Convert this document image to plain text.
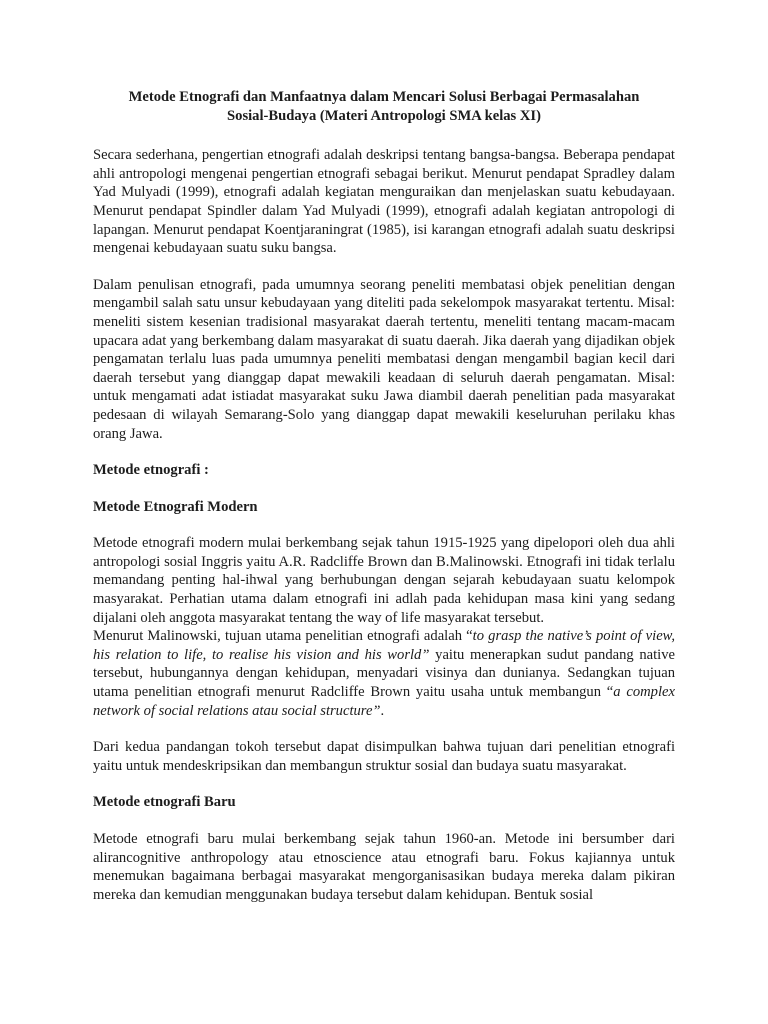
Metode Etnografi dan Manfaatnya dalam Mencari Solusi Berbagai Permasalahan
Sosial-Budaya (Materi Antropologi SMA kelas XI)

Secara sederhana, pengertian etnografi adalah deskripsi tentang bangsa-bangsa. Beberapa pendapat ahli antropologi mengenai pengertian etnografi sebagai berikut. Menurut pendapat Spradley dalam Yad Mulyadi (1999), etnografi adalah kegiatan menguraikan dan menjelaskan suatu kebudayaan. Menurut pendapat Spindler dalam Yad Mulyadi (1999), etnografi adalah kegiatan antropologi di lapangan. Menurut pendapat Koentjaraningrat (1985), isi karangan etnografi adalah suatu deskripsi mengenai kebudayaan suatu suku bangsa.

Dalam penulisan etnografi, pada umumnya seorang peneliti membatasi objek penelitian dengan mengambil salah satu unsur kebudayaan yang diteliti pada sekelompok masyarakat tertentu. Misal: meneliti sistem kesenian tradisional masyarakat daerah tertentu, meneliti tentang macam-macam upacara adat yang berkembang dalam masyarakat di suatu daerah. Jika daerah yang dijadikan objek pengamatan terlalu luas pada umumnya peneliti membatasi dengan mengambil bagian kecil dari daerah tersebut yang dianggap dapat mewakili keadaan di seluruh daerah pengamatan. Misal: untuk mengamati adat istiadat masyarakat suku Jawa diambil daerah penelitian pada masyarakat pedesaan di wilayah Semarang-Solo yang dianggap dapat mewakili keseluruhan perilaku khas orang Jawa.

Metode etnografi :

Metode Etnografi Modern

Metode etnografi modern mulai berkembang sejak tahun 1915-1925 yang dipelopori oleh dua ahli antropologi sosial Inggris yaitu A.R. Radcliffe Brown dan B.Malinowski. Etnografi ini tidak terlalu memandang penting hal-ihwal yang berhubungan dengan sejarah kebudayaan suatu kelompok masyarakat. Perhatian utama dalam etnografi ini adlah pada kehidupan masa kini yang sedang dijalani oleh anggota masyarakat tentang the way of life masyarakat tersebut.

Menurut Malinowski, tujuan utama penelitian etnografi adalah “to grasp the native’s point of view, his relation to life, to realise his vision and his world” yaitu menerapkan sudut pandang native tersebut, hubungannya dengan kehidupan, menyadari visinya dan dunianya. Sedangkan tujuan utama penelitian etnografi menurut Radcliffe Brown yaitu usaha untuk membangun “a complex network of social relations atau social structure”.

Dari kedua pandangan tokoh tersebut dapat disimpulkan bahwa tujuan dari penelitian etnografi yaitu untuk mendeskripsikan dan membangun struktur sosial dan budaya suatu masyarakat.

Metode etnografi Baru

Metode etnografi baru mulai berkembang sejak tahun 1960-an. Metode ini bersumber dari alirancognitive anthropology atau etnoscience atau etnografi baru. Fokus kajiannya untuk menemukan bagaimana berbagai masyarakat mengorganisasikan budaya mereka dalam pikiran mereka dan kemudian menggunakan budaya tersebut dalam kehidupan. Bentuk sosial
